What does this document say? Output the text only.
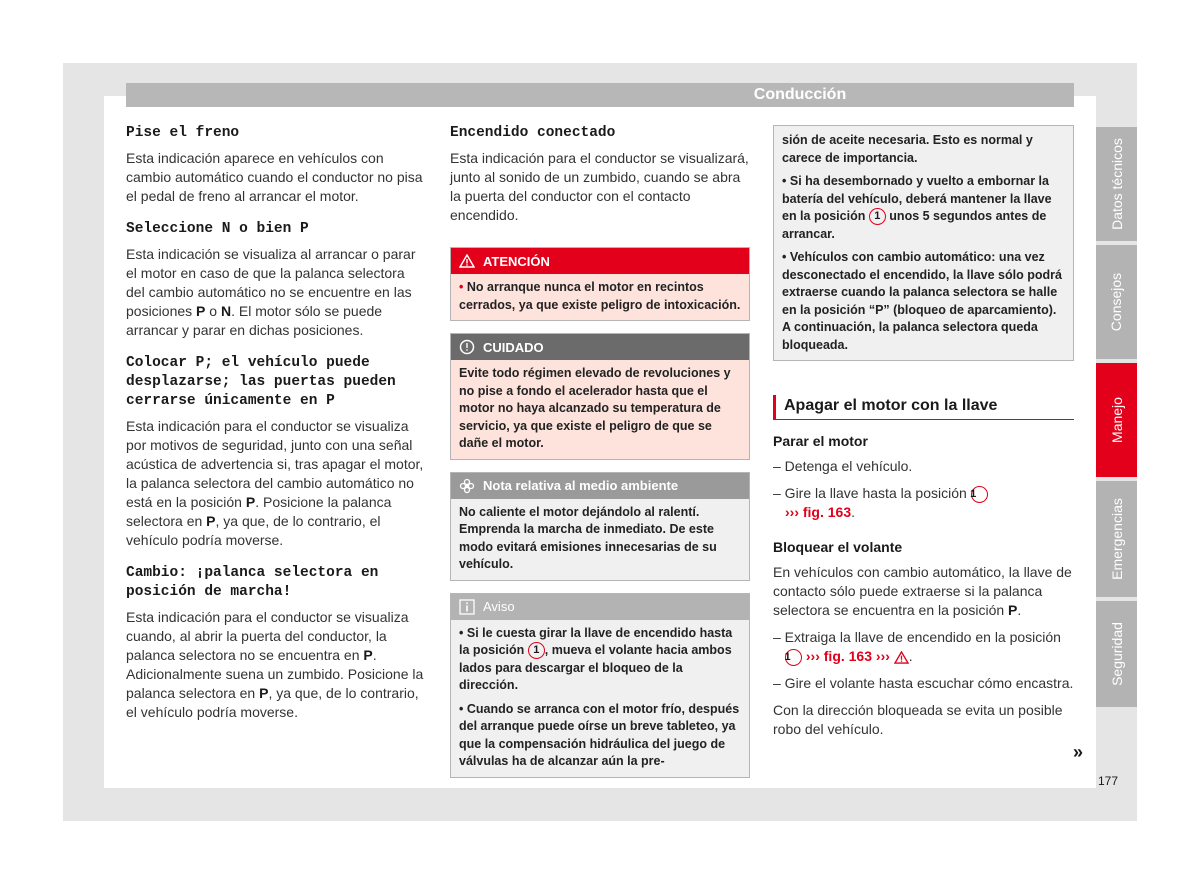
Conducción
Pise el freno

Esta indicación aparece en vehículos con cambio automático cuando el conductor no pisa el pedal de freno al arrancar el motor.

Seleccione N o bien P

Esta indicación se visualiza al arrancar o parar el motor en caso de que la palanca selectora del cambio automático no se encuentre en las posiciones P o N. El motor sólo se puede arrancar y parar en dichas posiciones.

Colocar P; el vehículo puede desplazarse; las puertas pueden cerrarse únicamente en P

Esta indicación para el conductor se visualiza por motivos de seguridad, junto con una señal acústica de advertencia si, tras apagar el motor, la palanca selectora del cambio automático no está en la posición P. Posicione la palanca selectora en P, ya que, de lo contrario, el vehículo podría moverse.

Cambio: ¡palanca selectora en posición de marcha!

Esta indicación para el conductor se visualiza cuando, al abrir la puerta del conductor, la palanca selectora no se encuentra en P. Adicionalmente suena un zumbido. Posicione la palanca selectora en P, ya que, de lo contrario, el vehículo podría moverse.

Encendido conectado

Esta indicación para el conductor se visualizará, junto al sonido de un zumbido, cuando se abra la puerta del conductor con el contacto encendido.

ATENCIÓN
• No arranque nunca el motor en recintos cerrados, ya que existe peligro de intoxicación.
CUIDADO
Evite todo régimen elevado de revoluciones y no pise a fondo el acelerador hasta que el motor no haya alcanzado su temperatura de servicio, ya que existe el peligro de que se dañe el motor.
Nota relativa al medio ambiente
No caliente el motor dejándolo al ralentí. Emprenda la marcha de inmediato. De este modo evitará emisiones innecesarias de su vehículo.
Aviso

• Si le cuesta girar la llave de encendido hasta la posición 1 , mueva el volante hacia ambos lados para descargar el bloqueo de la dirección.

• Cuando se arranca con el motor frío, después del arranque puede oírse un breve tableteo, ya que la compensación hidráulica del juego de válvulas ha de alcanzar aún la pre-

sión de aceite necesaria. Esto es normal y carece de importancia.

• Si ha desembornado y vuelto a embornar la batería del vehículo, deberá mantener la llave en la posición 1 unos 5 segundos antes de arrancar.

• Vehículos con cambio automático: una vez desconectado el encendido, la llave sólo podrá extraerse cuando la palanca selectora se halle en la posición “P” (bloqueo de aparcamiento). A continuación, la palanca selectora queda bloqueada.

Apagar el motor con la llave
Parar el motor

– Detenga el vehículo.

– Gire la llave hasta la posición 1
››› fig. 163.

Bloquear el volante

En vehículos con cambio automático, la llave de contacto sólo puede extraerse si la palanca selectora se encuentra en la posición P.

– Extraiga la llave de encendido en la posición 1 ››› fig. 163 ››› .

– Gire el volante hasta escuchar cómo encastra.

Con la dirección bloqueada se evita un posible robo del vehículo.

»
177
Datos técnicos
Consejos
Manejo
Emergencias
Seguridad
